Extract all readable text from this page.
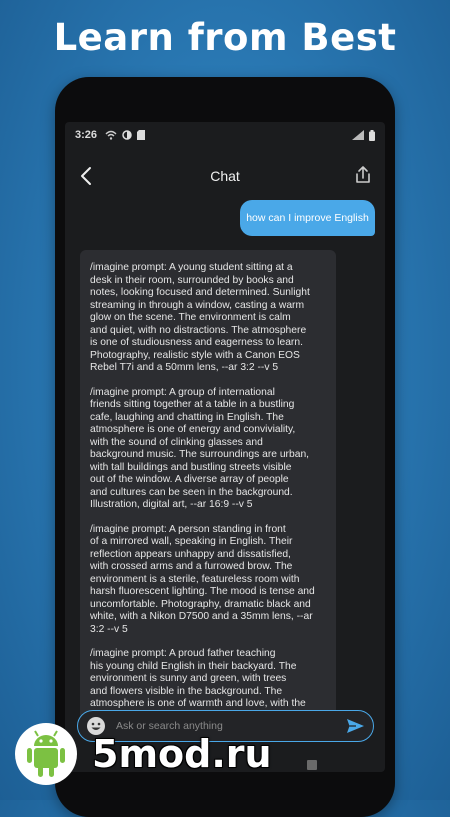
Learn from Best
3:26
Chat
how can I improve English

/imagine prompt: A young student sitting at a
desk in their room, surrounded by books and
notes, looking focused and determined. Sunlight
streaming in through a window, casting a warm
glow on the scene. The environment is calm
and quiet, with no distractions. The atmosphere
is one of studiousness and eagerness to learn.
Photography, realistic style with a Canon EOS
Rebel T7i and a 50mm lens, --ar 3:2 --v 5

/imagine prompt: A group of international
friends sitting together at a table in a bustling
cafe, laughing and chatting in English. The
atmosphere is one of energy and conviviality,
with the sound of clinking glasses and
background music. The surroundings are urban,
with tall buildings and bustling streets visible
out of the window. A diverse array of people
and cultures can be seen in the background.
Illustration, digital art, --ar 16:9 --v 5

/imagine prompt: A person standing in front
of a mirrored wall, speaking in English. Their
reflection appears unhappy and dissatisfied,
with crossed arms and a furrowed brow. The
environment is a sterile, featureless room with
harsh fluorescent lighting. The mood is tense and
uncomfortable. Photography, dramatic black and
white, with a Nikon D7500 and a 35mm lens, --ar
3:2 --v 5

/imagine prompt: A proud father teaching
his young child English in their backyard. The
environment is sunny and green, with trees
and flowers visible in the background. The
atmosphere is one of warmth and love, with the

Ask or search anything
5mod.ru
